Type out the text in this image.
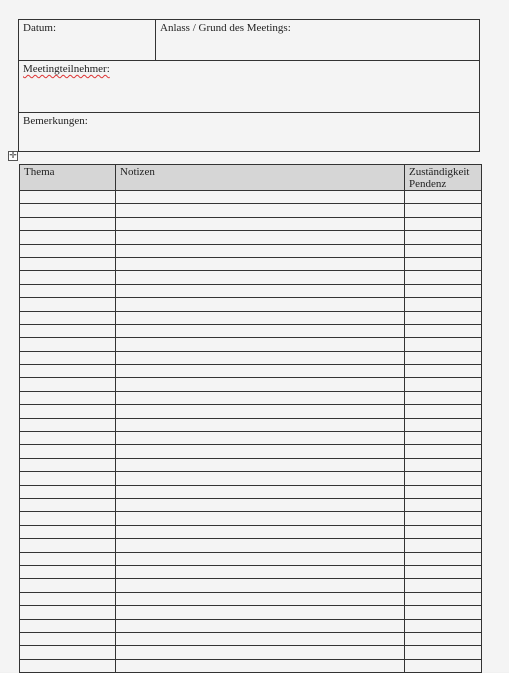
Datum:	Anlass / Grund des Meetings:
Meetingteilnehmer:
Bemerkungen:
✛
Thema	Notizen	Zuständigkeit
Pendenz
